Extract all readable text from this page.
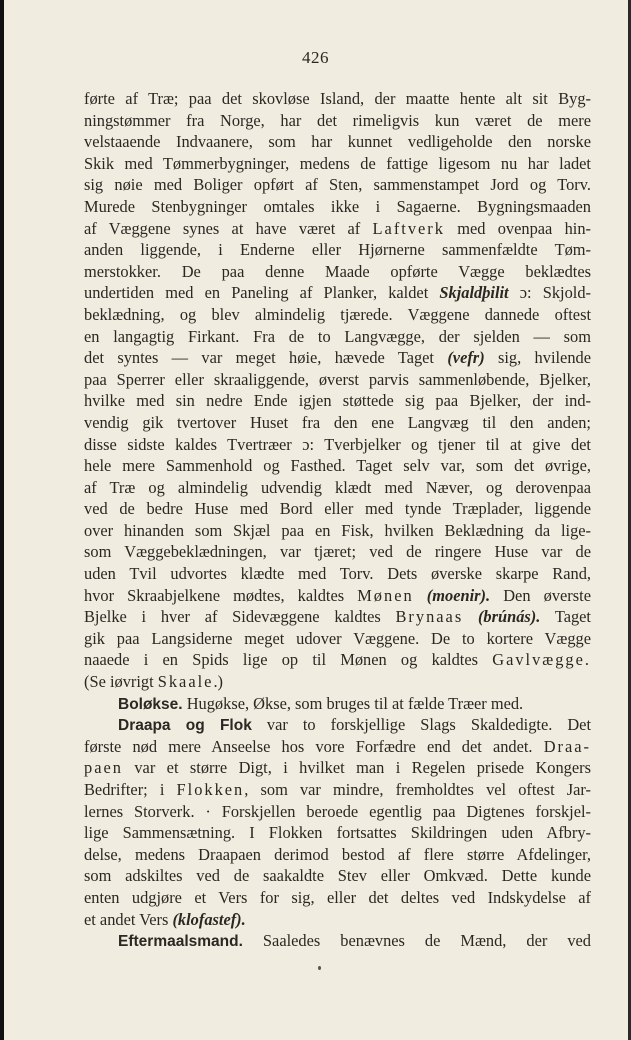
426
førte af Træ; paa det skovløse Island, der maatte hente alt sit Byg-
ningstømmer fra Norge, har det rimeligvis kun været de mere
velstaaende Indvaanere, som har kunnet vedligeholde den norske
Skik med Tømmerbygninger, medens de fattige ligesom nu har ladet
sig nøie med Boliger opført af Sten, sammenstampet Jord og Torv.
Murede Stenbygninger omtales ikke i Sagaerne. Bygningsmaaden
af Væggene synes at have været af Laftverk med ovenpaa hin-
anden liggende, i Enderne eller Hjørnerne sammenfældte Tøm-
merstokker. De paa denne Maade opførte Vægge beklædtes
undertiden med en Paneling af Planker, kaldet Skjaldþilit ɔ: Skjold-
beklædning, og blev almindelig tjærede. Væggene dannede oftest
en langagtig Firkant. Fra de to Langvægge, der sjelden — som
det syntes — var meget høie, hævede Taget (vefr) sig, hvilende
paa Sperrer eller skraaliggende, øverst parvis sammenløbende, Bjelker,
hvilke med sin nedre Ende igjen støttede sig paa Bjelker, der ind-
vendig gik tvertover Huset fra den ene Langvæg til den anden;
disse sidste kaldes Tvertræer ɔ: Tverbjelker og tjener til at give det
hele mere Sammenhold og Fasthed. Taget selv var, som det øvrige,
af Træ og almindelig udvendig klædt med Næver, og derovenpaa
ved de bedre Huse med Bord eller med tynde Træplader, liggende
over hinanden som Skjæl paa en Fisk, hvilken Beklædning da lige-
som Væggebeklædningen, var tjæret; ved de ringere Huse var de
uden Tvil udvortes klædte med Torv. Dets øverske skarpe Rand,
hvor Skraabjelkene mødtes, kaldtes Mønen (moenir). Den øverste
Bjelke i hver af Sidevæggene kaldtes Brynaas (brúnás). Taget
gik paa Langsiderne meget udover Væggene. De to kortere Vægge
naaede i en Spids lige op til Mønen og kaldtes Gavlvægge.
(Se iøvrigt Skaale.)
Boløkse. Hugøkse, Økse, som bruges til at fælde Træer med.
Draapa og Flok var to forskjellige Slags Skaldedigte. Det
første nød mere Anseelse hos vore Forfædre end det andet. Draa-
paen var et større Digt, i hvilket man i Regelen prisede Kongers
Bedrifter; i Flokken, som var mindre, fremholdtes vel oftest Jar-
lernes Storverk. · Forskjellen beroede egentlig paa Digtenes forskjel-
lige Sammensætning. I Flokken fortsattes Skildringen uden Afbry-
delse, medens Draapaen derimod bestod af flere større Afdelinger,
som adskiltes ved de saakaldte Stev eller Omkvæd. Dette kunde
enten udgjøre et Vers for sig, eller det deltes ved Indskydelse af
et andet Vers (klofastef).
Eftermaalsmand. Saaledes benævnes de Mænd, der ved
